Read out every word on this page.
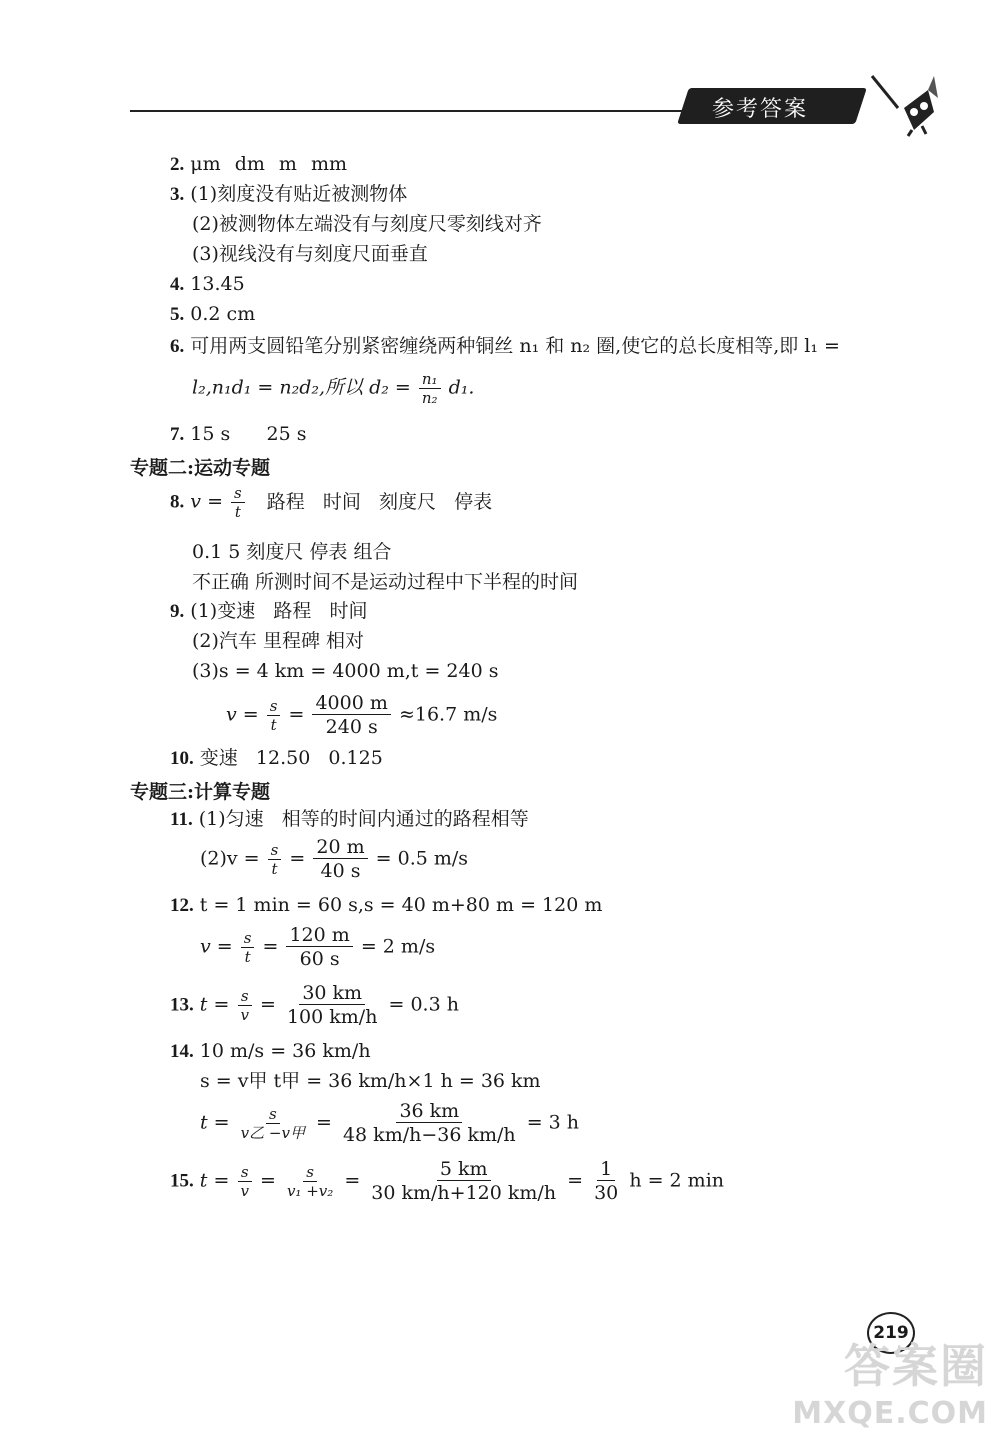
参考答案
2. μm dm m mm
3. (1)刻度没有贴近被测物体
(2)被测物体左端没有与刻度尺零刻线对齐
(3)视线没有与刻度尺面垂直
4. 13.45
5. 0.2 cm
6. 可用两支圆铅笔分别紧密缠绕两种铜丝 n₁ 和 n₂ 圈,使它的总长度相等,即 l₁ =
l₂,n₁d₁ = n₂d₂,所以 $d_2 = \frac{\text{n₁}}{\text{n₂}} d_1$.
7. 15 s      25 s
专题二:运动专题
8. $v = \frac{s}{t}$ 路程   时间   刻度尺   停表
0.1 5 刻度尺 停表 组合
不正确 所测时间不是运动过程中下半程的时间
9. (1)变速   路程   时间
(2)汽车 里程碑 相对
(3)s = 4 km = 4000 m,t = 240 s
$v = \frac{s}{t} = \frac{4000 m}{240 s} \approx 16.7$ m/s
10. 变速   12.50   0.125
专题三:计算专题
11. (1)匀速   相等的时间内通过的路程相等
$(2)v = \frac{s}{t} = \frac{20 m}{40 s} = 0.5$ m/s
12. t = 1 min = 60 s,s = 40 m+80 m = 120 m
$v = \frac{s}{t} = \frac{120 m}{60 s} = 2$ m/s
13. $t = \frac{s}{v} = \frac{30 km}{100 km/h} = 0.3$ h
14. 10 m/s = 36 km/h
s = v甲 t甲 = 36 km/h×1 h = 36 km
$t = \frac{s}{\text{v乙 −v甲}} = \frac{36 km}{48 km/h-36 km/h} = 3$ h
15. $t = \frac{s}{v} = \frac{s}{\text{v₁ +v₂}} = \frac{5 km}{30 km/h+120 km/h} = \frac{1}{30}$ h = 2 min
219
答案圈
MXQE.COM
